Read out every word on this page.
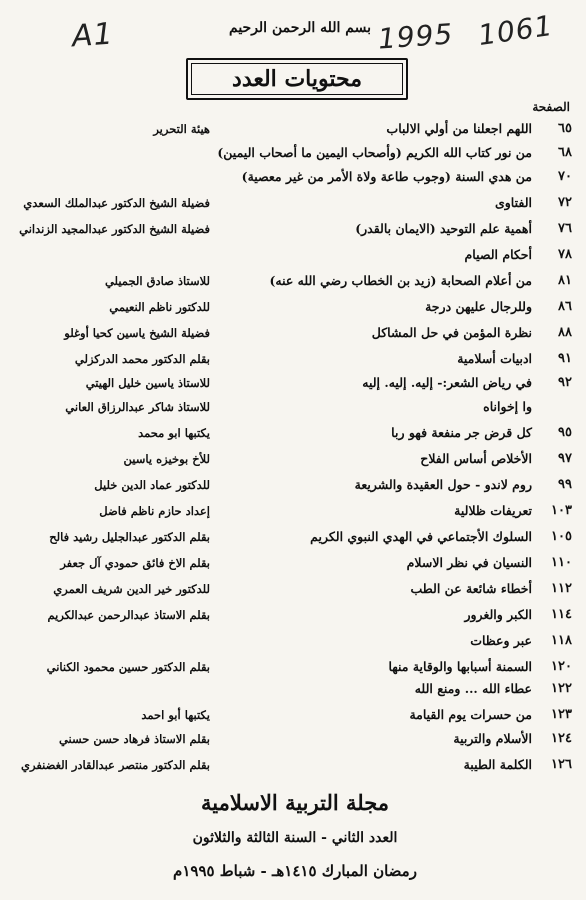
A1	1995 1061
بسم الله الرحمن الرحيم
محتويات العدد
الصفحة
٦٥
اللهم اجعلنا من أولي الالباب
هيئة التحرير
٦٨
من نور كتاب الله الكريم (وأصحاب اليمين ما أصحاب اليمين)
٧٠
من هدي السنة (وجوب طاعة ولاة الأمر من غير معصية)
٧٢
الفتاوى
فضيلة الشيخ الدكتور عبدالملك السعدي
٧٦
أهمية علم التوحيد (الايمان بالقدر)
فضيلة الشيخ الدكتور عبدالمجيد الزنداني
٧٨
أحكام الصيام
٨١
من أعلام الصحابة (زيد بن الخطاب رضي الله عنه)
للاستاذ صادق الجميلي
٨٦
وللرجال عليهن درجة
للدكتور ناظم النعيمي
٨٨
نظرة المؤمن في حل المشاكل
فضيلة الشيخ ياسين كحيا أوغلو
٩١
ادبيات أسلامية
بقلم الدكتور محمد الدركزلي
٩٢
في رياض الشعر:- إليه. إليه. إليه
للاستاذ ياسين خليل الهيتي
وا إخواناه
للاستاذ شاكر عبدالرزاق العاني
٩٥
كل قرض جر منفعة فهو ربا
يكتبها ابو محمد
٩٧
الأخلاص أساس الفلاح
للأخ بوخيزه ياسين
٩٩
روم لاندو - حول العقيدة والشريعة
للدكتور عماد الدين خليل
١٠٣
تعريفات ظلالية
إعداد حازم ناظم فاضل
١٠٥
السلوك الأجتماعي في الهدي النبوي الكريم
بقلم الدكتور عبدالجليل رشيد فالح
١١٠
النسيان في نظر الاسلام
بقلم الاخ فائق حمودي آل جعفر
١١٢
أخطاء شائعة عن الطب
للدكتور خير الدين شريف العمري
١١٤
الكبر والغرور
بقلم الاستاذ عبدالرحمن عبدالكريم
١١٨
عبر وعظات
١٢٠
السمنة أسبابها والوقاية منها
بقلم الدكتور حسين محمود الكناني
١٢٢
عطاء الله ... ومنع الله
١٢٣
من حسرات يوم القيامة
يكتبها أبو احمد
١٢٤
الأسلام والتربية
بقلم الاستاذ فرهاد حسن حسني
١٢٦
الكلمة الطيبة
بقلم الدكتور منتصر عبدالقادر الغضنفري
مجلة التربية الاسلامية
العدد الثاني - السنة الثالثة والثلاثون
رمضان المبارك ١٤١٥هـ - شباط ١٩٩٥م
